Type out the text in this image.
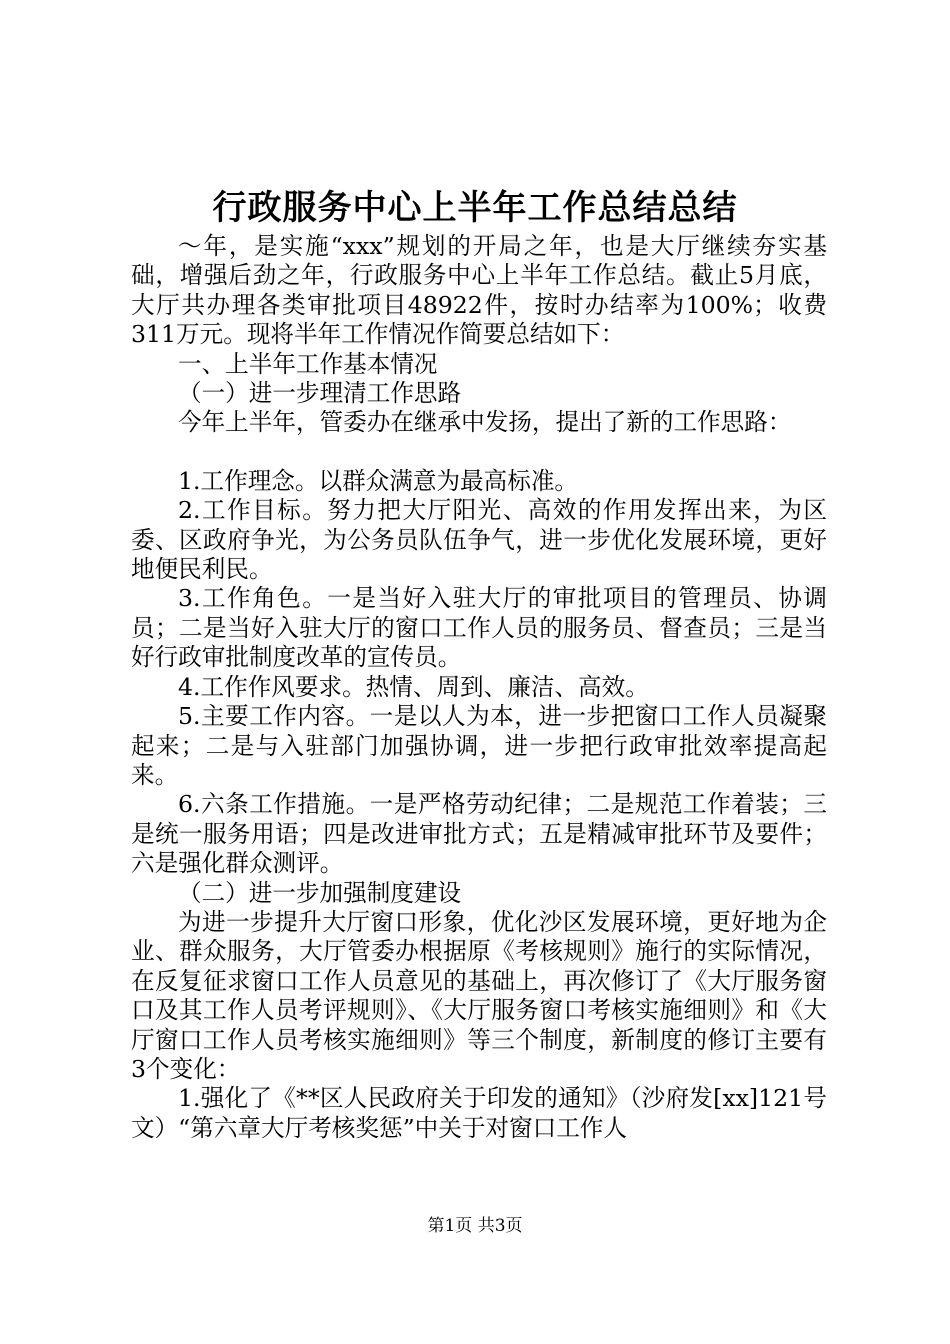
行政服务中心上半年工作总结总结

～年，是实施“xxx”规划的开局之年，也是大厅继续夯实基础，增强后劲之年，行政服务中心上半年工作总结。截止5月底，大厅共办理各类审批项目48922件，按时办结率为100%；收费311万元。现将半年工作情况作简要总结如下：

一、上半年工作基本情况

（一）进一步理清工作思路

今年上半年，管委办在继承中发扬，提出了新的工作思路：

1.工作理念。以群众满意为最高标准。

2.工作目标。努力把大厅阳光、高效的作用发挥出来，为区委、区政府争光，为公务员队伍争气，进一步优化发展环境，更好地便民利民。

3.工作角色。一是当好入驻大厅的审批项目的管理员、协调员；二是当好入驻大厅的窗口工作人员的服务员、督查员；三是当好行政审批制度改革的宣传员。

4.工作作风要求。热情、周到、廉洁、高效。

5.主要工作内容。一是以人为本，进一步把窗口工作人员凝聚起来；二是与入驻部门加强协调，进一步把行政审批效率提高起来。

6.六条工作措施。一是严格劳动纪律；二是规范工作着装；三是统一服务用语；四是改进审批方式；五是精减审批环节及要件；六是强化群众测评。

（二）进一步加强制度建设

为进一步提升大厅窗口形象，优化沙区发展环境，更好地为企业、群众服务，大厅管委办根据原《考核规则》施行的实际情况，在反复征求窗口工作人员意见的基础上，再次修订了《大厅服务窗口及其工作人员考评规则》、《大厅服务窗口考核实施细则》和《大厅窗口工作人员考核实施细则》等三个制度，新制度的修订主要有3个变化：

1.强化了《**区人民政府关于印发的通知》（沙府发[xx]121号文）“第六章大厅考核奖惩”中关于对窗口工作人

第1页 共3页
